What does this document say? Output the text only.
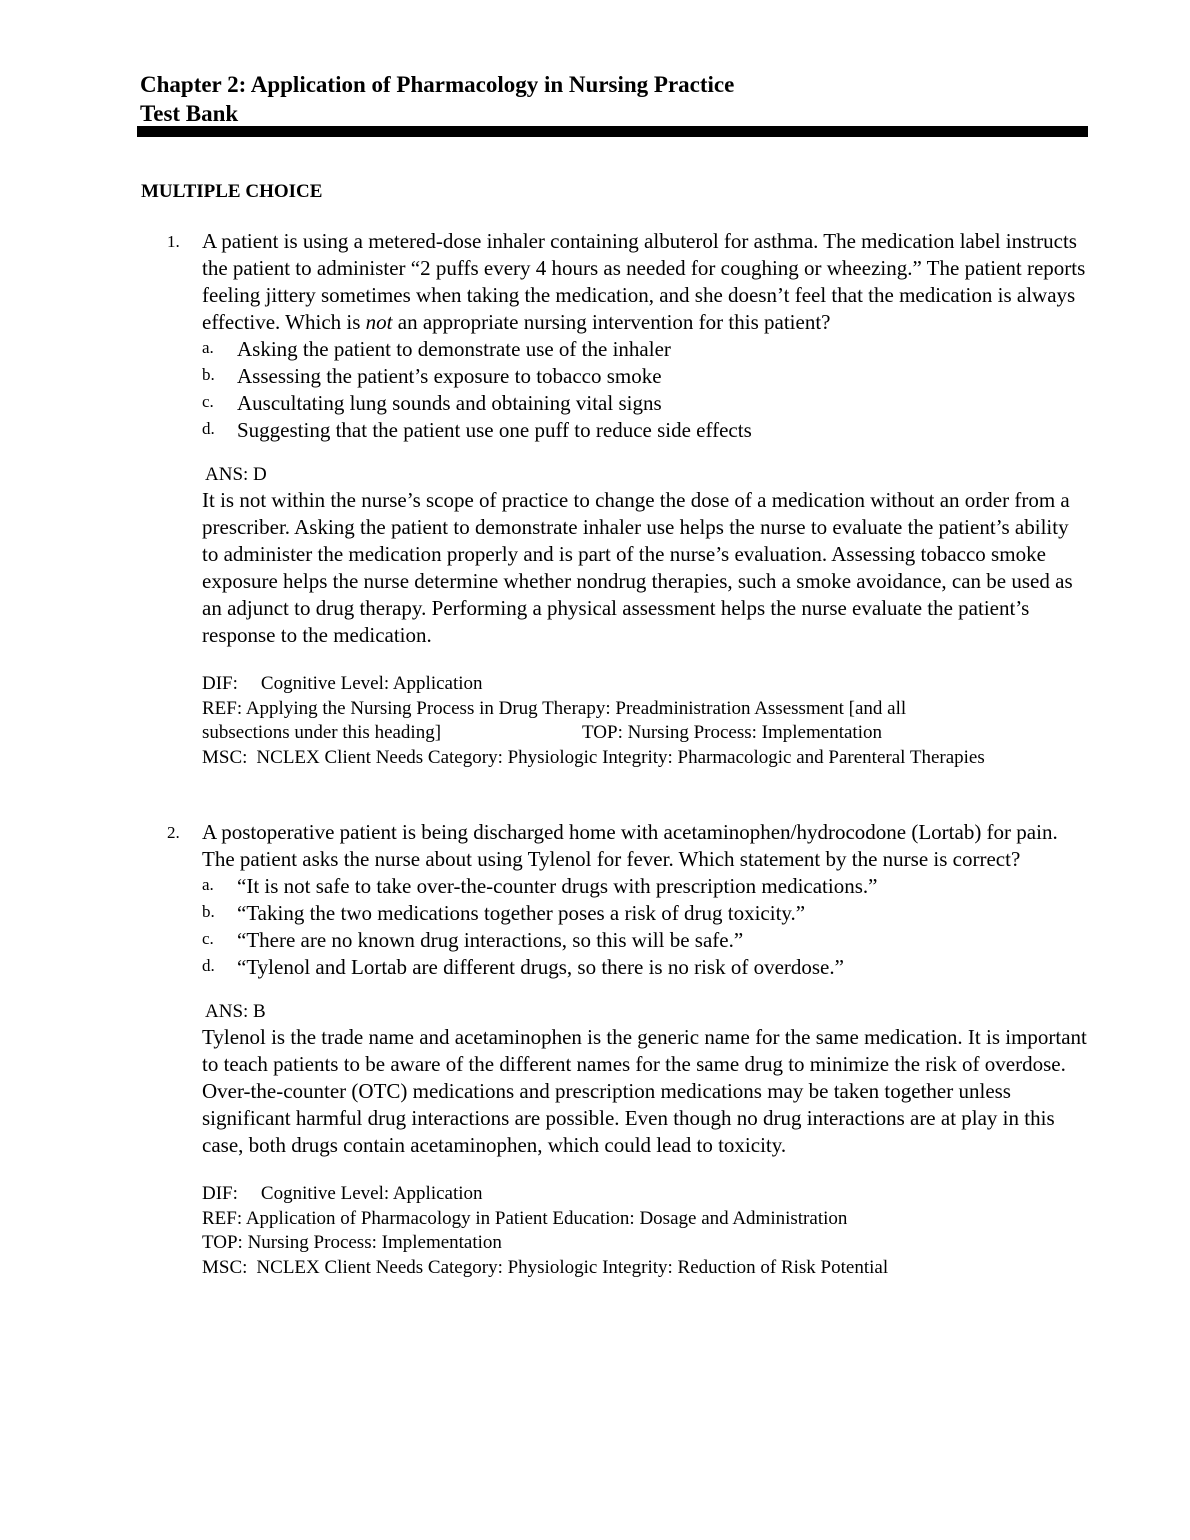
Chapter 2: Application of Pharmacology in Nursing Practice
Test Bank
MULTIPLE CHOICE
1. A patient is using a metered-dose inhaler containing albuterol for asthma. The medication label instructs the patient to administer “2 puffs every 4 hours as needed for coughing or wheezing.” The patient reports feeling jittery sometimes when taking the medication, and she doesn’t feel that the medication is always effective. Which is not an appropriate nursing intervention for this patient?

a. Asking the patient to demonstrate use of the inhaler
b. Assessing the patient’s exposure to tobacco smoke
c. Auscultating lung sounds and obtaining vital signs
d. Suggesting that the patient use one puff to reduce side effects
ANS: D

It is not within the nurse’s scope of practice to change the dose of a medication without an order from a prescriber. Asking the patient to demonstrate inhaler use helps the nurse to evaluate the patient’s ability to administer the medication properly and is part of the nurse’s evaluation. Assessing tobacco smoke exposure helps the nurse determine whether nondrug therapies, such a smoke avoidance, can be used as an adjunct to drug therapy. Performing a physical assessment helps the nurse evaluate the patient’s response to the medication.

DIF: Cognitive Level: Application
REF: Applying the Nursing Process in Drug Therapy: Preadministration Assessment [and all
subsections under this heading]	TOP: Nursing Process: Implementation
MSC: NCLEX Client Needs Category: Physiologic Integrity: Pharmacologic and Parenteral Therapies
2. A postoperative patient is being discharged home with acetaminophen/hydrocodone (Lortab) for pain. The patient asks the nurse about using Tylenol for fever. Which statement by the nurse is correct?

a. “It is not safe to take over-the-counter drugs with prescription medications.”
b. “Taking the two medications together poses a risk of drug toxicity.”
c. “There are no known drug interactions, so this will be safe.”
d. “Tylenol and Lortab are different drugs, so there is no risk of overdose.”
ANS: B

Tylenol is the trade name and acetaminophen is the generic name for the same medication. It is important to teach patients to be aware of the different names for the same drug to minimize the risk of overdose. Over-the-counter (OTC) medications and prescription medications may be taken together unless significant harmful drug interactions are possible. Even though no drug interactions are at play in this case, both drugs contain acetaminophen, which could lead to toxicity.

DIF: Cognitive Level: Application
REF: Application of Pharmacology in Patient Education: Dosage and Administration
TOP: Nursing Process: Implementation
MSC: NCLEX Client Needs Category: Physiologic Integrity: Reduction of Risk Potential
